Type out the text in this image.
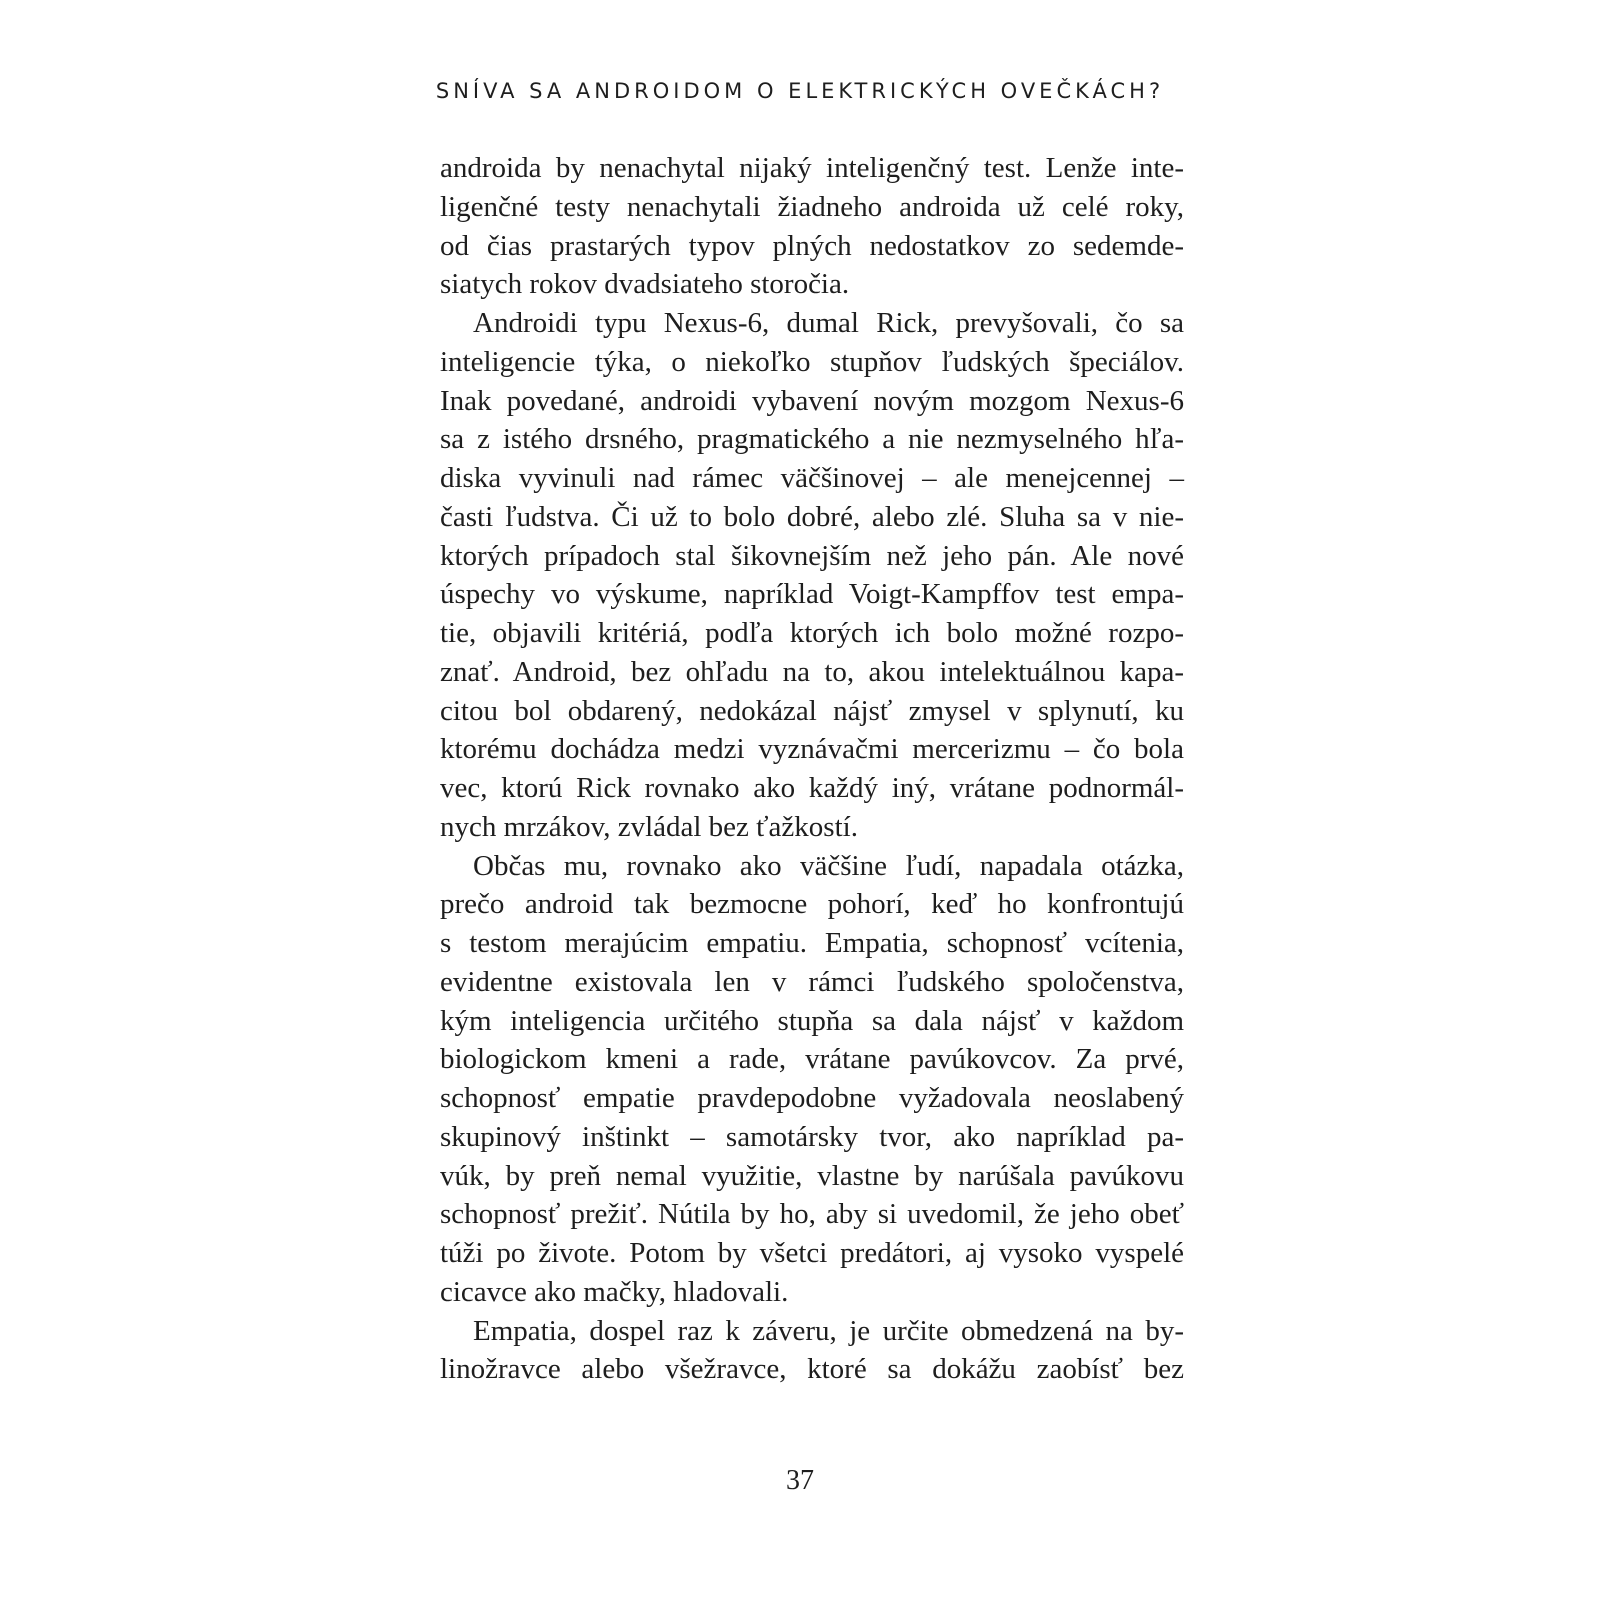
SNÍVA SA ANDROIDOM O ELEKTRICKÝCH OVEČKÁCH?
androida by nenachytal nijaký inteligenčný test. Lenže inte-
ligenčné testy nenachytali žiadneho androida už celé roky,
od čias prastarých typov plných nedostatkov zo sedemde-
siatych rokov dvadsiateho storočia.
Androidi typu Nexus-6, dumal Rick, prevyšovali, čo sa
inteligencie týka, o niekoľko stupňov ľudských špeciálov.
Inak povedané, androidi vybavení novým mozgom Nexus-6
sa z istého drsného, pragmatického a nie nezmyselného hľa-
diska vyvinuli nad rámec väčšinovej – ale menejcennej –
časti ľudstva. Či už to bolo dobré, alebo zlé. Sluha sa v nie-
ktorých prípadoch stal šikovnejším než jeho pán. Ale nové
úspechy vo výskume, napríklad Voigt-Kampffov test empa-
tie, objavili kritériá, podľa ktorých ich bolo možné rozpo-
znať. Android, bez ohľadu na to, akou intelektuálnou kapa-
citou bol obdarený, nedokázal nájsť zmysel v splynutí, ku
ktorému dochádza medzi vyznávačmi mercerizmu – čo bola
vec, ktorú Rick rovnako ako každý iný, vrátane podnormál-
nych mrzákov, zvládal bez ťažkostí.
Občas mu, rovnako ako väčšine ľudí, napadala otázka,
prečo android tak bezmocne pohorí, keď ho konfrontujú
s testom merajúcim empatiu. Empatia, schopnosť vcítenia,
evidentne existovala len v rámci ľudského spoločenstva,
kým inteligencia určitého stupňa sa dala nájsť v každom
biologickom kmeni a rade, vrátane pavúkovcov. Za prvé,
schopnosť empatie pravdepodobne vyžadovala neoslabený
skupinový inštinkt – samotársky tvor, ako napríklad pa-
vúk, by preň nemal využitie, vlastne by narúšala pavúkovu
schopnosť prežiť. Nútila by ho, aby si uvedomil, že jeho obeť
túži po živote. Potom by všetci predátori, aj vysoko vyspelé
cicavce ako mačky, hladovali.
Empatia, dospel raz k záveru, je určite obmedzená na by-
linožravce alebo všežravce, ktoré sa dokážu zaobísť bez
37
